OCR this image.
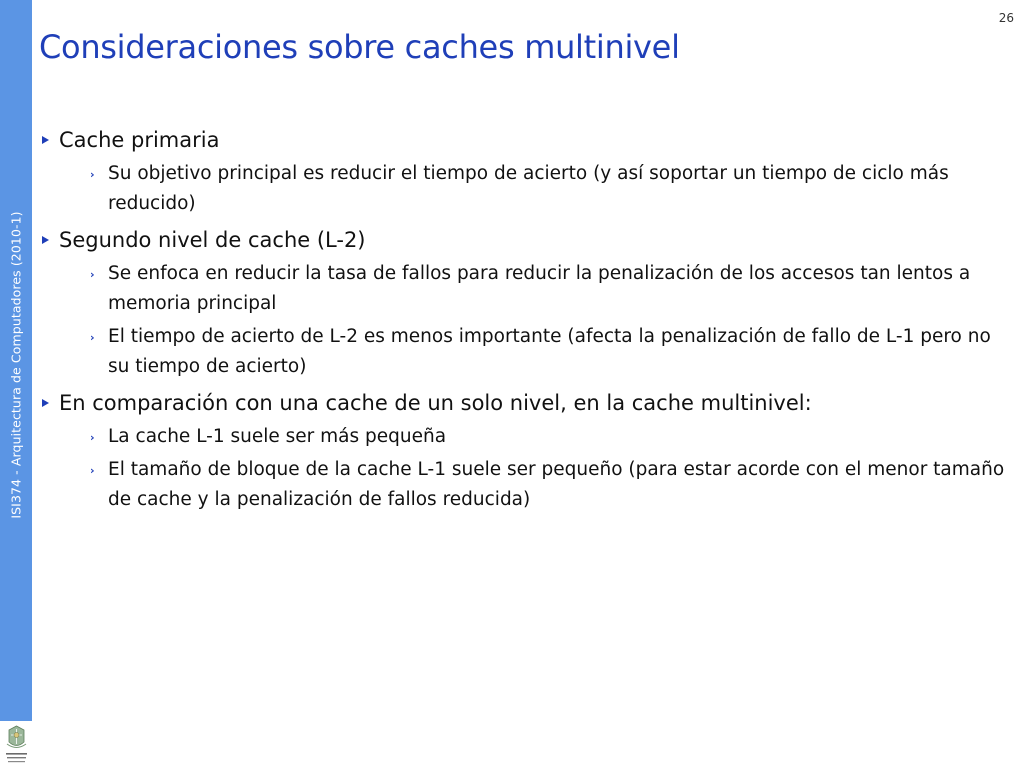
ISI374 - Arquitectura de Computadores (2010-1)
26
Consideraciones sobre caches multinivel
Cache primaria
› Su objetivo principal es reducir el tiempo de acierto (y así soportar un tiempo de ciclo más reducido)
Segundo nivel de cache (L-2)
› Se enfoca en reducir la tasa de fallos para reducir la penalización de los accesos tan lentos a memoria principal
› El tiempo de acierto de L-2 es menos importante (afecta la penalización de fallo de L-1 pero no su tiempo de acierto)
En comparación con una cache de un solo nivel, en la cache multinivel:
› La cache L-1 suele ser más pequeña
› El tamaño de bloque de la cache L-1 suele ser pequeño (para estar acorde con el menor tamaño de cache y la penalización de fallos reducida)
